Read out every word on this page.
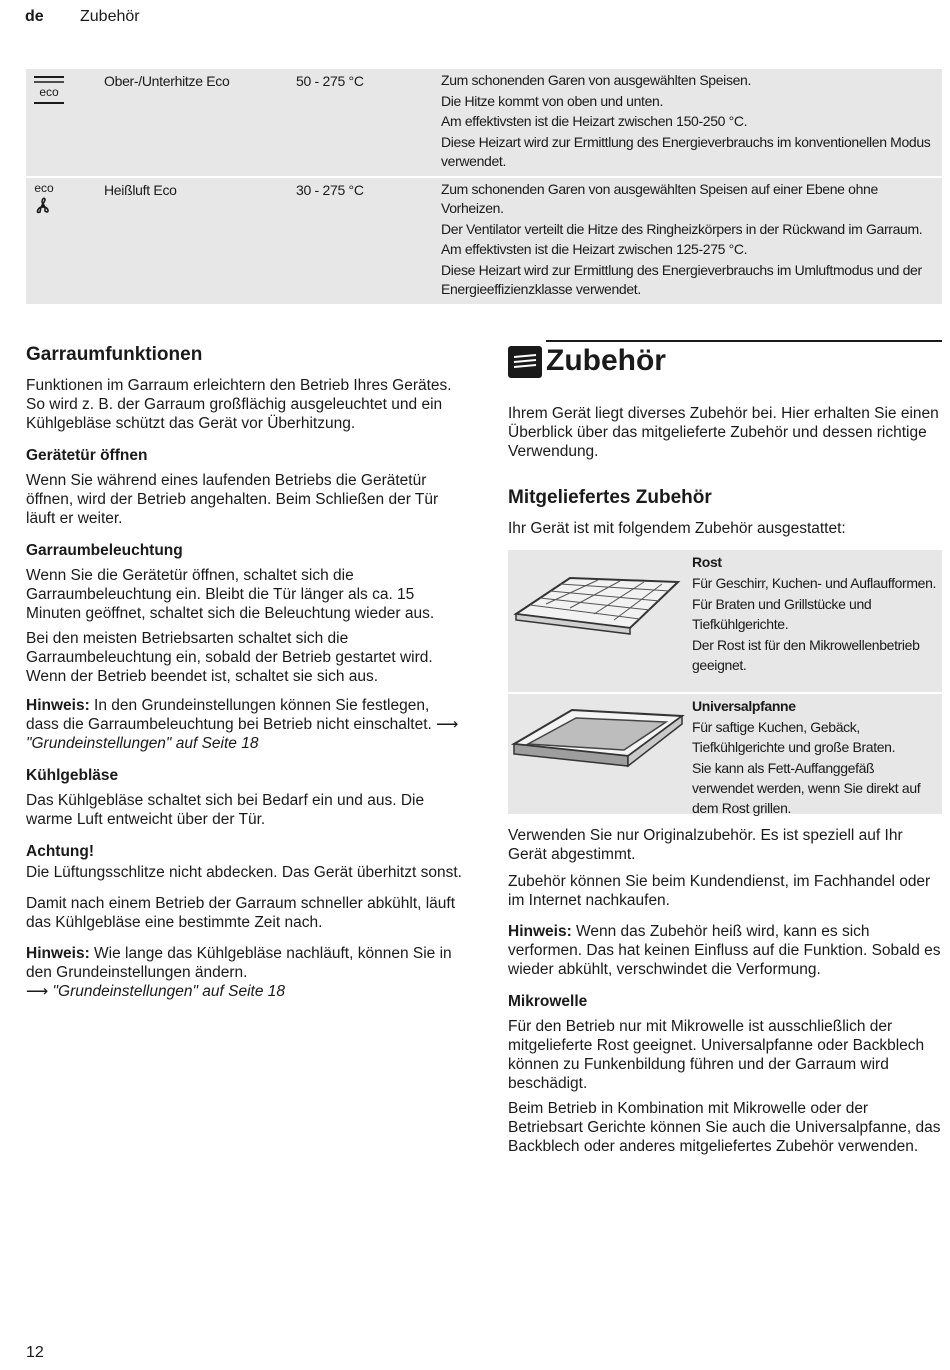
de Zubehör
eco
Ober-/Unterhitze Eco	50 - 275 °C	Zum schonenden Garen von ausgewählten Speisen.
Die Hitze kommt von oben und unten.
Am effektivsten ist die Heizart zwischen 150-250 °C.
Diese Heizart wird zur Ermittlung des Energieverbrauchs im konventionellen Modus verwendet.
eco	Heißluft Eco	30 - 275 °C	Zum schonenden Garen von ausgewählten Speisen auf einer Ebene ohne Vorheizen.
Der Ventilator verteilt die Hitze des Ringheizkörpers in der Rückwand im Garraum.
Am effektivsten ist die Heizart zwischen 125-275 °C.
Diese Heizart wird zur Ermittlung des Energieverbrauchs im Umluftmodus und der Energieeffizienzklasse verwendet.
Garraumfunktionen

Funktionen im Garraum erleichtern den Betrieb Ihres Gerätes. So wird z. B. der Garraum großflächig ausgeleuchtet und ein Kühlgebläse schützt das Gerät vor Überhitzung.

Gerätetür öffnen

Wenn Sie während eines laufenden Betriebs die Gerätetür öffnen, wird der Betrieb angehalten. Beim Schließen der Tür läuft er weiter.

Garraumbeleuchtung

Wenn Sie die Gerätetür öffnen, schaltet sich die Garraumbeleuchtung ein. Bleibt die Tür länger als ca. 15 Minuten geöffnet, schaltet sich die Beleuchtung wieder aus.

Bei den meisten Betriebsarten schaltet sich die Garraumbeleuchtung ein, sobald der Betrieb gestartet wird. Wenn der Betrieb beendet ist, schaltet sie sich aus.

Hinweis: In den Grundeinstellungen können Sie festlegen, dass die Garraumbeleuchtung bei Betrieb nicht einschaltet. ⟶ "Grundeinstellungen" auf Seite 18

Kühlgebläse

Das Kühlgebläse schaltet sich bei Bedarf ein und aus. Die warme Luft entweicht über der Tür.

Achtung!

Die Lüftungsschlitze nicht abdecken. Das Gerät überhitzt sonst.

Damit nach einem Betrieb der Garraum schneller abkühlt, läuft das Kühlgebläse eine bestimmte Zeit nach.

Hinweis: Wie lange das Kühlgebläse nachläuft, können Sie in den Grundeinstellungen ändern.
⟶ "Grundeinstellungen" auf Seite 18

Zubehör

Ihrem Gerät liegt diverses Zubehör bei. Hier erhalten Sie einen Überblick über das mitgelieferte Zubehör und dessen richtige Verwendung.

Mitgeliefertes Zubehör

Ihr Gerät ist mit folgendem Zubehör ausgestattet:

Rost
Für Geschirr, Kuchen- und Auflaufformen.
Für Braten und Grillstücke und Tiefkühlgerichte.
Der Rost ist für den Mikrowellenbetrieb geeignet.
Universalpfanne
Für saftige Kuchen, Gebäck, Tiefkühlgerichte und große Braten.
Sie kann als Fett-Auffanggefäß verwendet werden, wenn Sie direkt auf dem Rost grillen.

Verwenden Sie nur Originalzubehör. Es ist speziell auf Ihr Gerät abgestimmt.

Zubehör können Sie beim Kundendienst, im Fachhandel oder im Internet nachkaufen.

Hinweis: Wenn das Zubehör heiß wird, kann es sich verformen. Das hat keinen Einfluss auf die Funktion. Sobald es wieder abkühlt, verschwindet die Verformung.

Mikrowelle

Für den Betrieb nur mit Mikrowelle ist ausschließlich der mitgelieferte Rost geeignet. Universalpfanne oder Backblech können zu Funkenbildung führen und der Garraum wird beschädigt.

Beim Betrieb in Kombination mit Mikrowelle oder der Betriebsart Gerichte können Sie auch die Universalpfanne, das Backblech oder anderes mitgeliefertes Zubehör verwenden.

12
